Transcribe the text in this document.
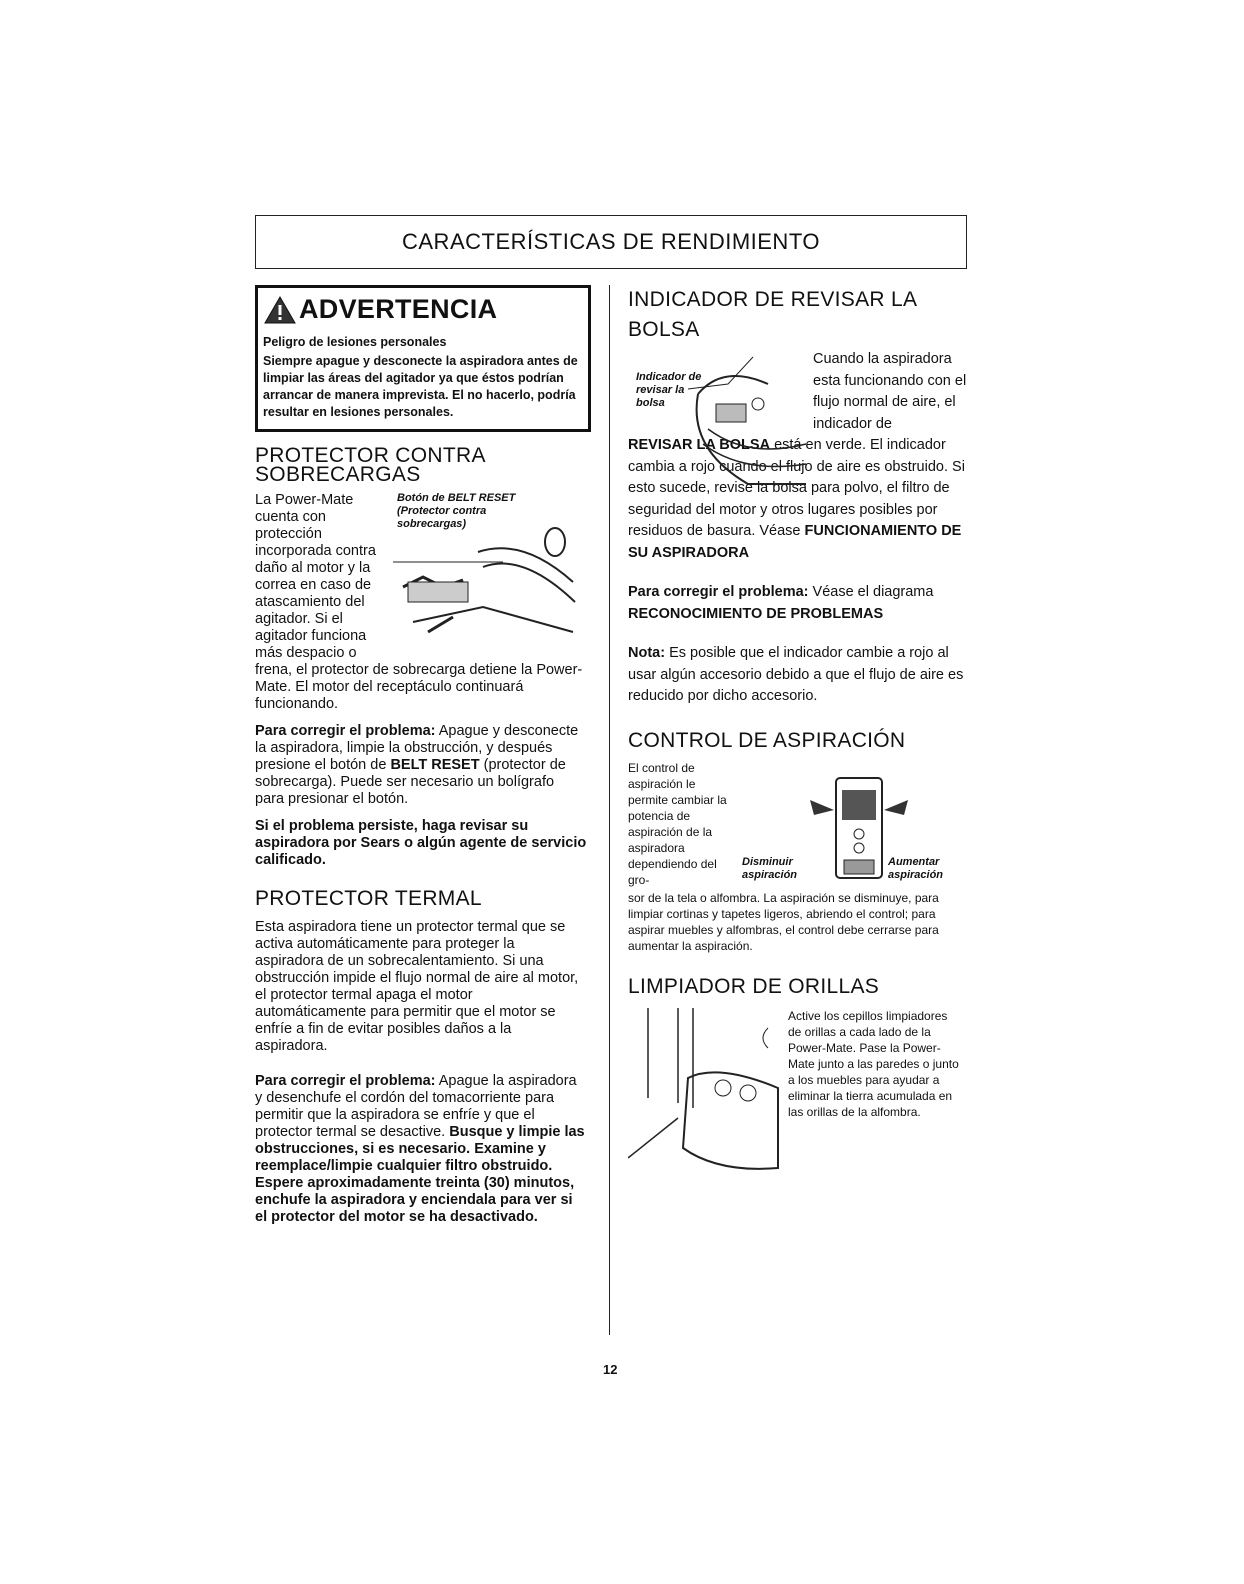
CARACTERÍSTICAS DE RENDIMIENTO
ADVERTENCIA
Peligro de lesiones personales
Siempre apague y desconecte la aspiradora antes de limpiar las áreas del agitador ya que éstos podrían arrancar de manera imprevista. El no hacerlo, podría resultar en lesiones personales.
PROTECTOR CONTRA
SOBRECARGAS
La Power-Mate cuenta con protección incorporada contra daño al motor y la correa en caso de atascamiento del agitador. Si el agitador funciona más despacio o
Botón de BELT RESET (Protector contra sobrecargas)

frena, el protector de sobrecarga detiene la Power-Mate. El motor del receptáculo continuará funcionando.

Para corregir el problema: Apague y desconecte la aspiradora, limpie la obstrucción, y después presione el botón de BELT RESET (protector de sobrecarga). Puede ser necesario un bolígrafo para presionar el botón.

Si el problema persiste, haga revisar su aspiradora por Sears o algún agente de servicio calificado.

PROTECTOR TERMAL

Esta aspiradora tiene un protector termal que se activa automáticamente para proteger la aspiradora de un sobrecalentamiento. Si una obstrucción impide el flujo normal de aire al motor, el protector termal apaga el motor automáticamente para permitir que el motor se enfríe a fin de evitar posibles daños a la aspiradora.

Para corregir el problema: Apague la aspiradora y desenchufe el cordón del tomacorriente para permitir que la aspiradora se enfríe y que el protector termal se desactive. Busque y limpie las obstrucciones, si es necesario. Examine y reemplace/limpie cualquier filtro obstruido. Espere aproximadamente treinta (30) minutos, enchufe la aspiradora y enciendala para ver si el protector del motor se ha desactivado.

INDICADOR DE REVISAR LA BOLSA
Indicador de revisar la bolsa

Cuando la aspiradora esta funcionando con el flujo normal de aire, el indicador de

REVISAR LA BOLSA está en verde. El indicador cambia a rojo cuando el flujo de aire es obstruido. Si esto sucede, revise la bolsa para polvo, el filtro de seguridad del motor y otros lugares posibles por residuos de basura. Véase FUNCIONAMIENTO DE SU ASPIRADORA

Para corregir el problema: Véase el diagrama RECONOCIMIENTO DE PROBLEMAS

Nota: Es posible que el indicador cambie a rojo al usar algún accesorio debido a que el flujo de aire es reducido por dicho accesorio.

CONTROL DE ASPIRACIÓN
El control de aspiración le permite cambiar la potencia de aspiración de la aspiradora dependiendo del gro-
Disminuir aspiración
Aumentar aspiración

sor de la tela o alfombra. La aspiración se disminuye, para limpiar cortinas y tapetes ligeros, abriendo el control; para aspirar muebles y alfombras, el control debe cerrarse para aumentar la aspiración.

LIMPIADOR DE ORILLAS
Active los cepillos limpiadores de orillas a cada lado de la Power-Mate. Pase la Power-Mate junto a las paredes o junto a los muebles para ayudar a eliminar la tierra acumulada en las orillas de la alfombra.
12
